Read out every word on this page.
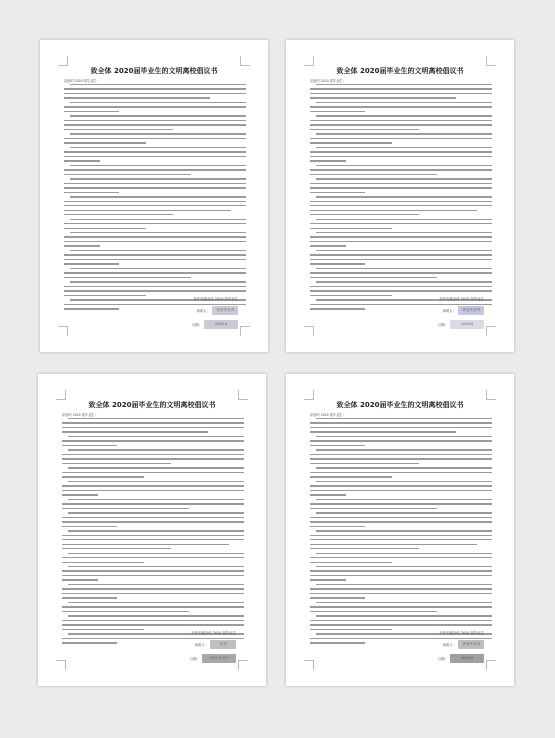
致全体 2020届毕业生的文明离校倡议书
亲爱的 2020 届毕业生：
开开年级全体 2020 届毕业生
承诺人：	毕业生签名
日期：	2020.6
致全体 2020届毕业生的文明离校倡议书
亲爱的 2020 届毕业生：
开开年级全体 2020 届毕业生
承诺人：	毕业生签名
日期：	2020.6
致全体 2020届毕业生的文明离校倡议书
亲爱的 2020 届毕业生：
开开年级全体 2020 届毕业生
承诺人：	签名
日期：	2020年 6月
致全体 2020届毕业生的文明离校倡议书
亲爱的 2020 届毕业生：
开开年级全体 2020 届毕业生
承诺人：	毕业生签名
日期：	2020.6
